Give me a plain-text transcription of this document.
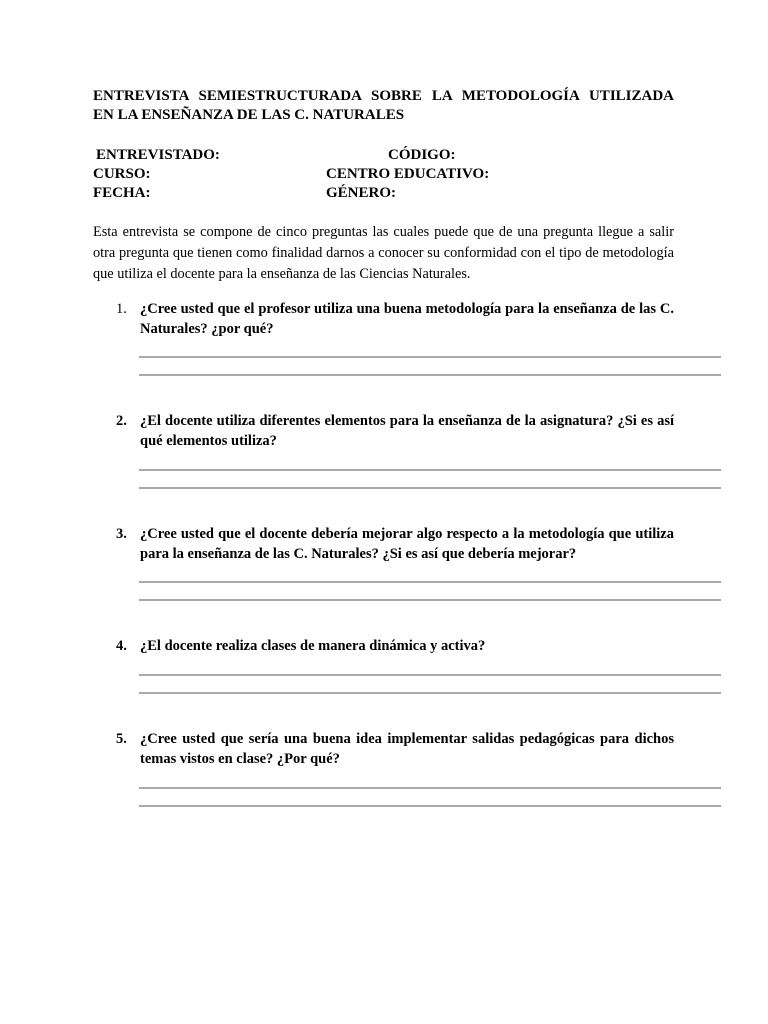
ENTREVISTA SEMIESTRUCTURADA SOBRE LA METODOLOGÍA UTILIZADA
EN LA ENSEÑANZA DE LAS C. NATURALES
ENTREVISTADO:	CÓDIGO:
CURSO:	CENTRO EDUCATIVO:
FECHA:	GÉNERO:

Esta entrevista se compone de cinco preguntas las cuales puede que de una pregunta llegue a salir otra pregunta que tienen como finalidad darnos a conocer su conformidad con el tipo de metodología que utiliza el docente para la enseñanza de las Ciencias Naturales.

1. ¿Cree usted que el profesor utiliza una buena metodología para la enseñanza de las C. Naturales? ¿por qué?

2. ¿El docente utiliza diferentes elementos para la enseñanza de la asignatura? ¿Si es así qué elementos utiliza?

3. ¿Cree usted que el docente debería mejorar algo respecto a la metodología que utiliza para la enseñanza de las C. Naturales? ¿Si es así que debería mejorar?

4. ¿El docente realiza clases de manera dinámica y activa?

5. ¿Cree usted que sería una buena idea implementar salidas pedagógicas para dichos temas vistos en clase? ¿Por qué?
